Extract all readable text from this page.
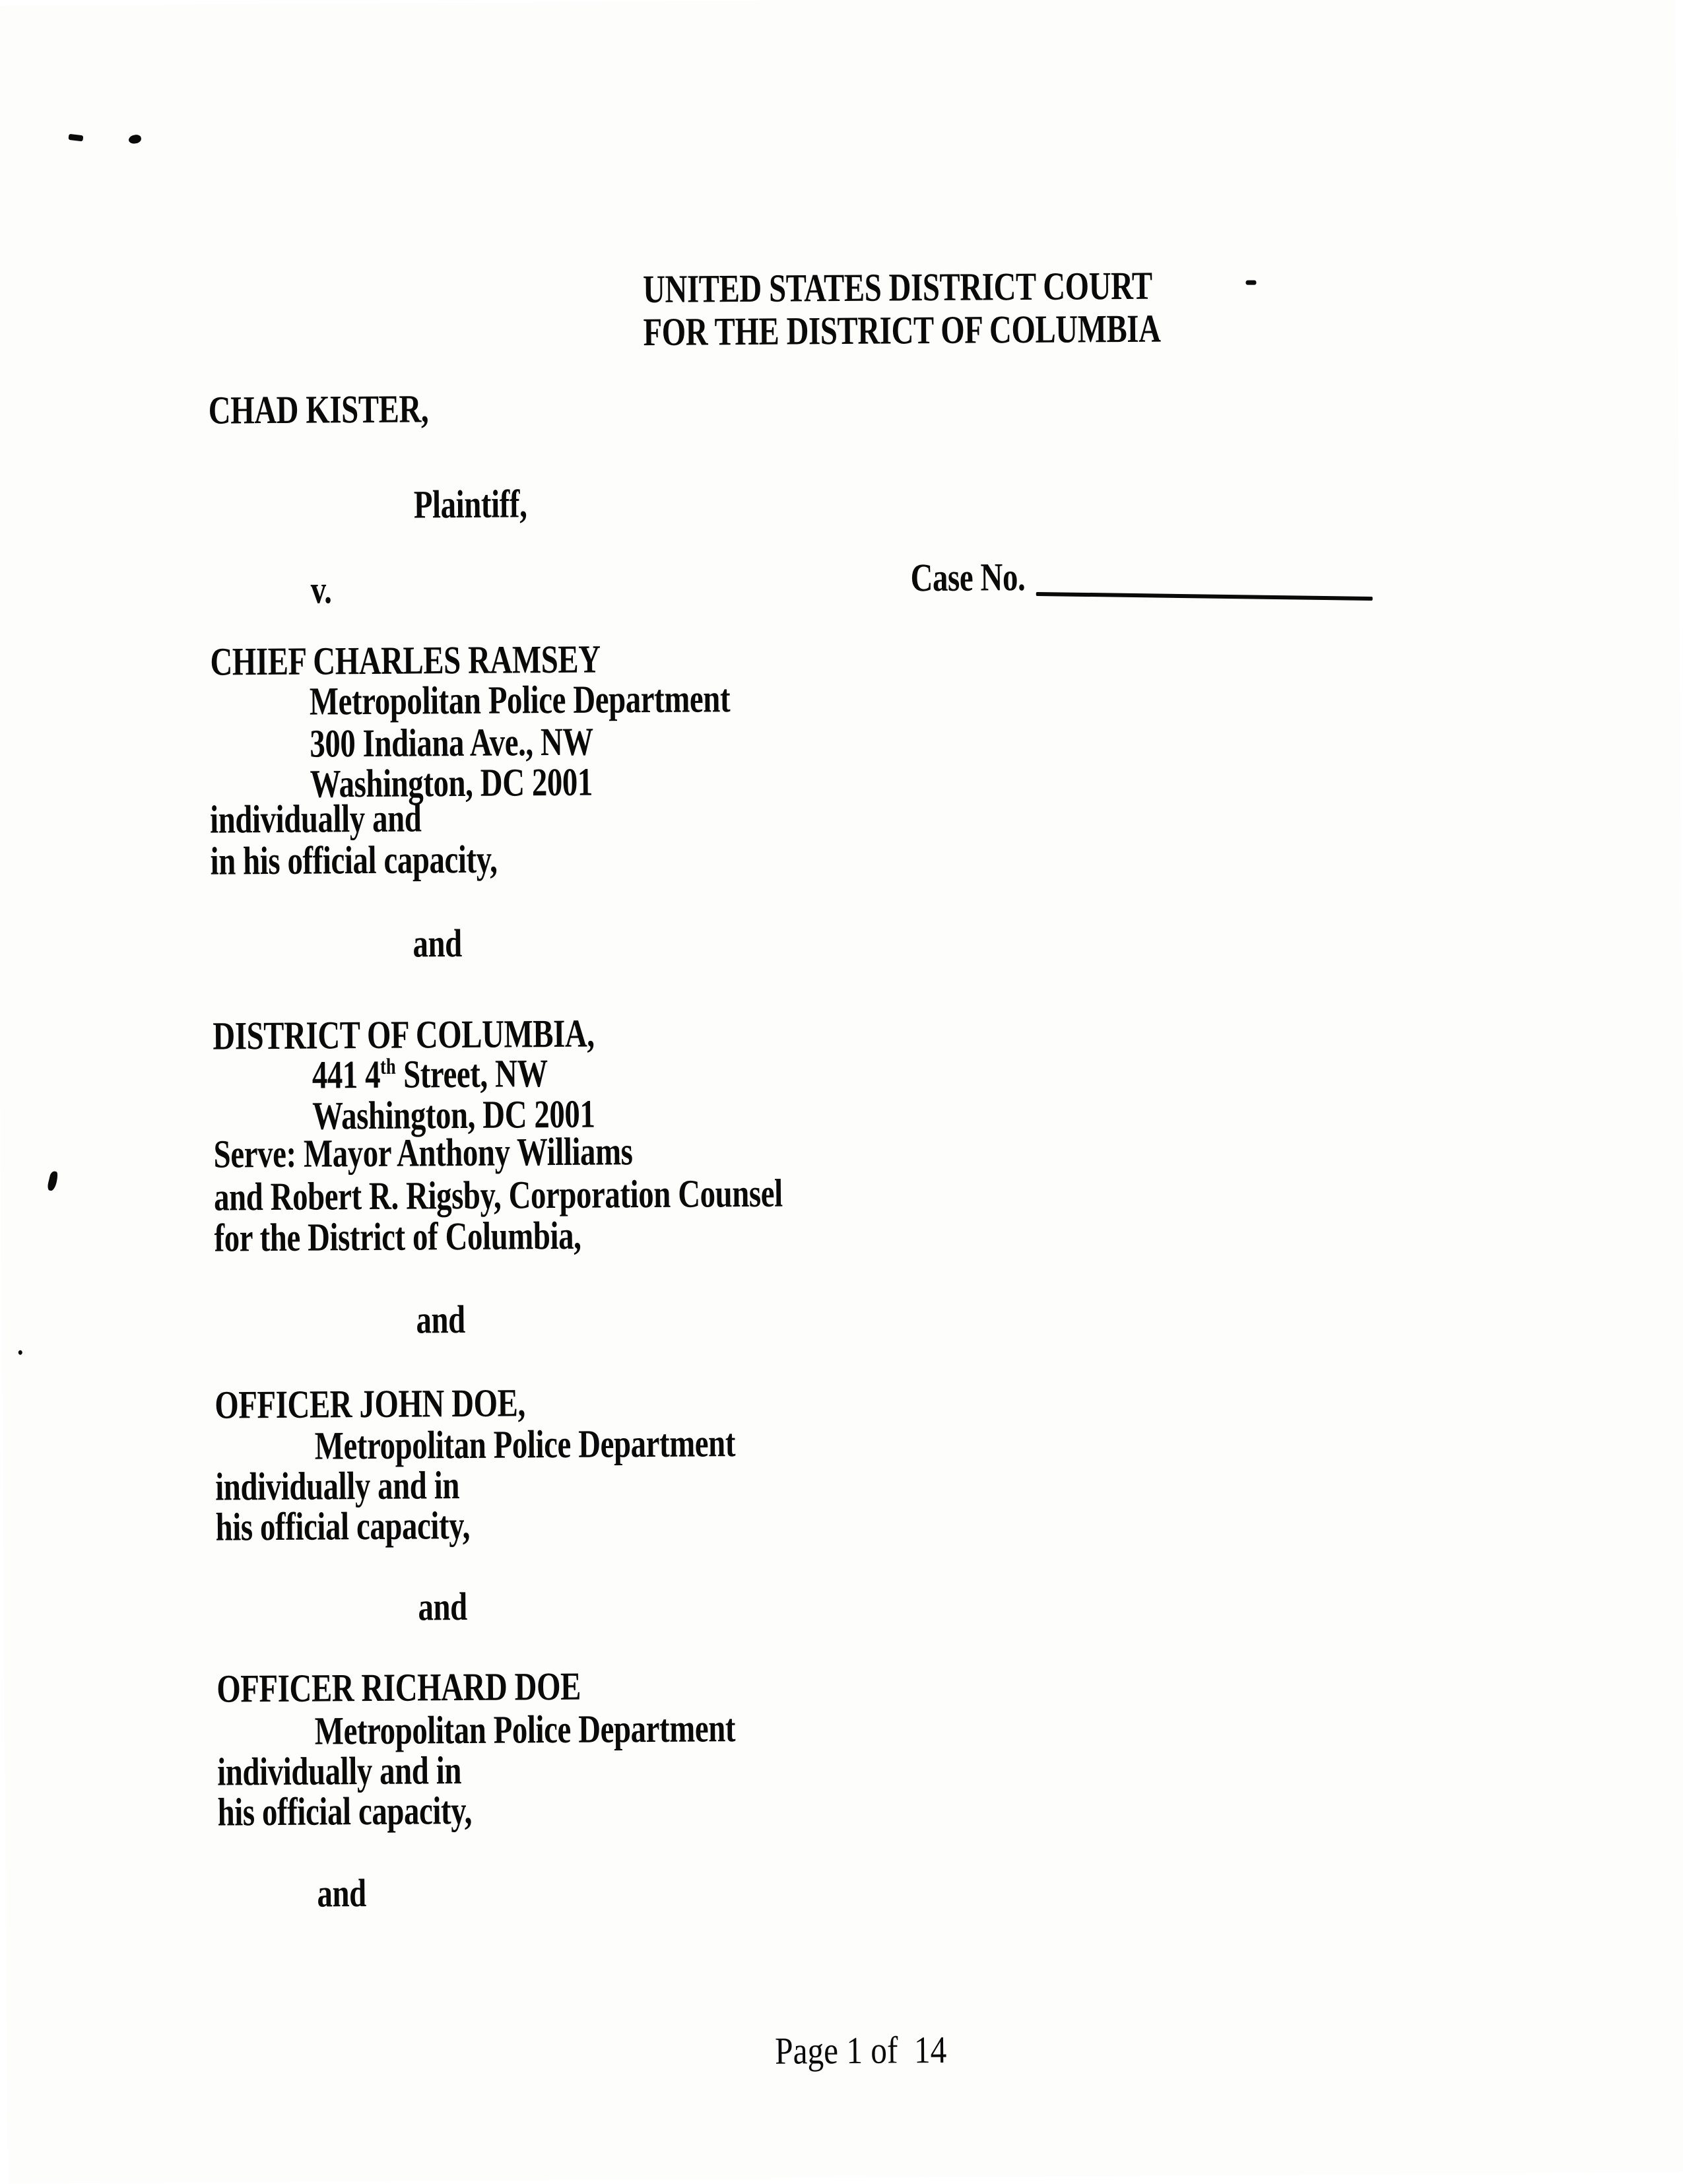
UNITED STATES DISTRICT COURT
FOR THE DISTRICT OF COLUMBIA
CHAD KISTER,
Plaintiff,
v.	Case No.
CHIEF CHARLES RAMSEY
Metropolitan Police Department
300 Indiana Ave., NW
Washington, DC 2001
individually and
in his official capacity,
and
DISTRICT OF COLUMBIA,
441 4th Street, NW
Washington, DC 2001
Serve: Mayor Anthony Williams
and Robert R. Rigsby, Corporation Counsel
for the District of Columbia,
and
OFFICER JOHN DOE,
Metropolitan Police Department
individually and in
his official capacity,
and
OFFICER RICHARD DOE
Metropolitan Police Department
individually and in
his official capacity,
and
Page 1 of  14
